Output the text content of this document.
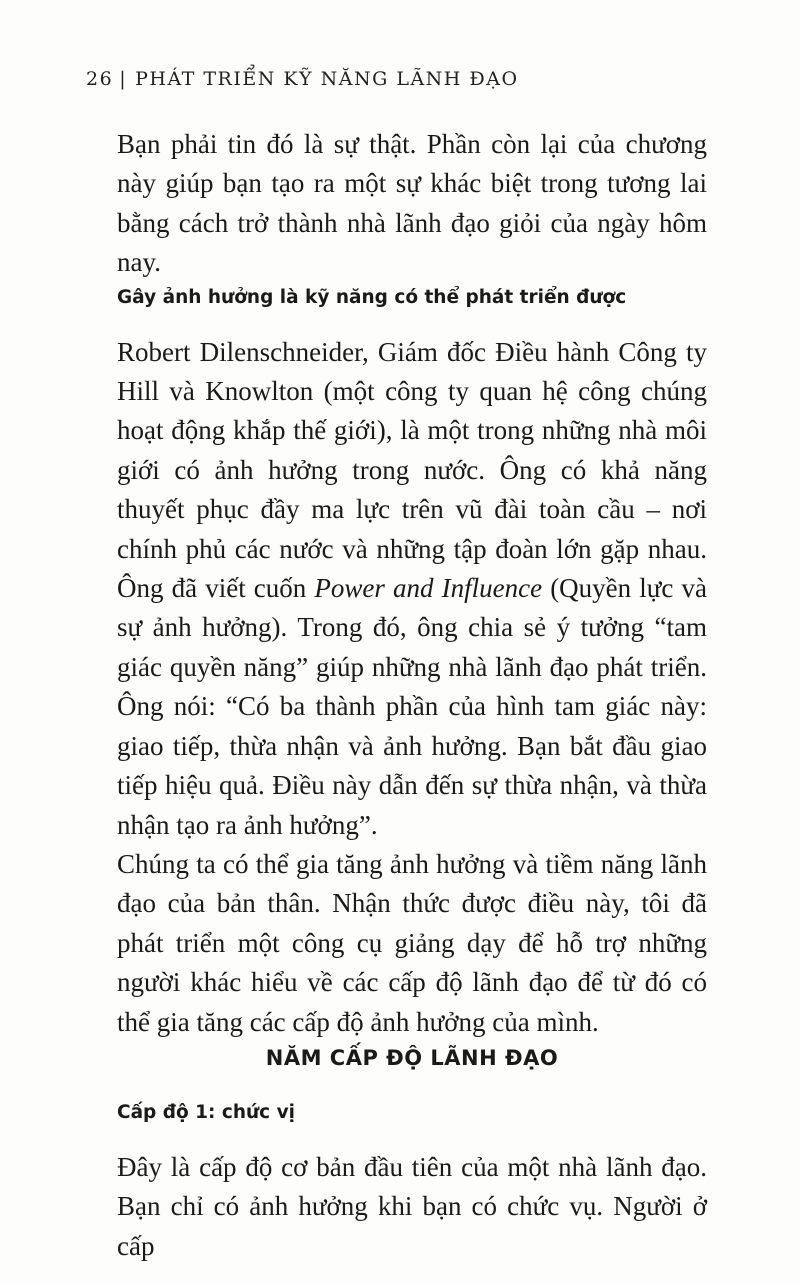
26 | PHÁT TRIỂN KỸ NĂNG LÃNH ĐẠO

Bạn phải tin đó là sự thật. Phần còn lại của chương này giúp bạn tạo ra một sự khác biệt trong tương lai bằng cách trở thành nhà lãnh đạo giỏi của ngày hôm nay.

Gây ảnh hưởng là kỹ năng có thể phát triển được

Robert Dilenschneider, Giám đốc Điều hành Công ty Hill và Knowlton (một công ty quan hệ công chúng hoạt động khắp thế giới), là một trong những nhà môi giới có ảnh hưởng trong nước. Ông có khả năng thuyết phục đầy ma lực trên vũ đài toàn cầu – nơi chính phủ các nước và những tập đoàn lớn gặp nhau. Ông đã viết cuốn Power and Influence (Quyền lực và sự ảnh hưởng). Trong đó, ông chia sẻ ý tưởng “tam giác quyền năng” giúp những nhà lãnh đạo phát triển. Ông nói: “Có ba thành phần của hình tam giác này: giao tiếp, thừa nhận và ảnh hưởng. Bạn bắt đầu giao tiếp hiệu quả. Điều này dẫn đến sự thừa nhận, và thừa nhận tạo ra ảnh hưởng”.

Chúng ta có thể gia tăng ảnh hưởng và tiềm năng lãnh đạo của bản thân. Nhận thức được điều này, tôi đã phát triển một công cụ giảng dạy để hỗ trợ những người khác hiểu về các cấp độ lãnh đạo để từ đó có thể gia tăng các cấp độ ảnh hưởng của mình.

NĂM CẤP ĐỘ LÃNH ĐẠO
Cấp độ 1: chức vị

Đây là cấp độ cơ bản đầu tiên của một nhà lãnh đạo. Bạn chỉ có ảnh hưởng khi bạn có chức vụ. Người ở cấp
